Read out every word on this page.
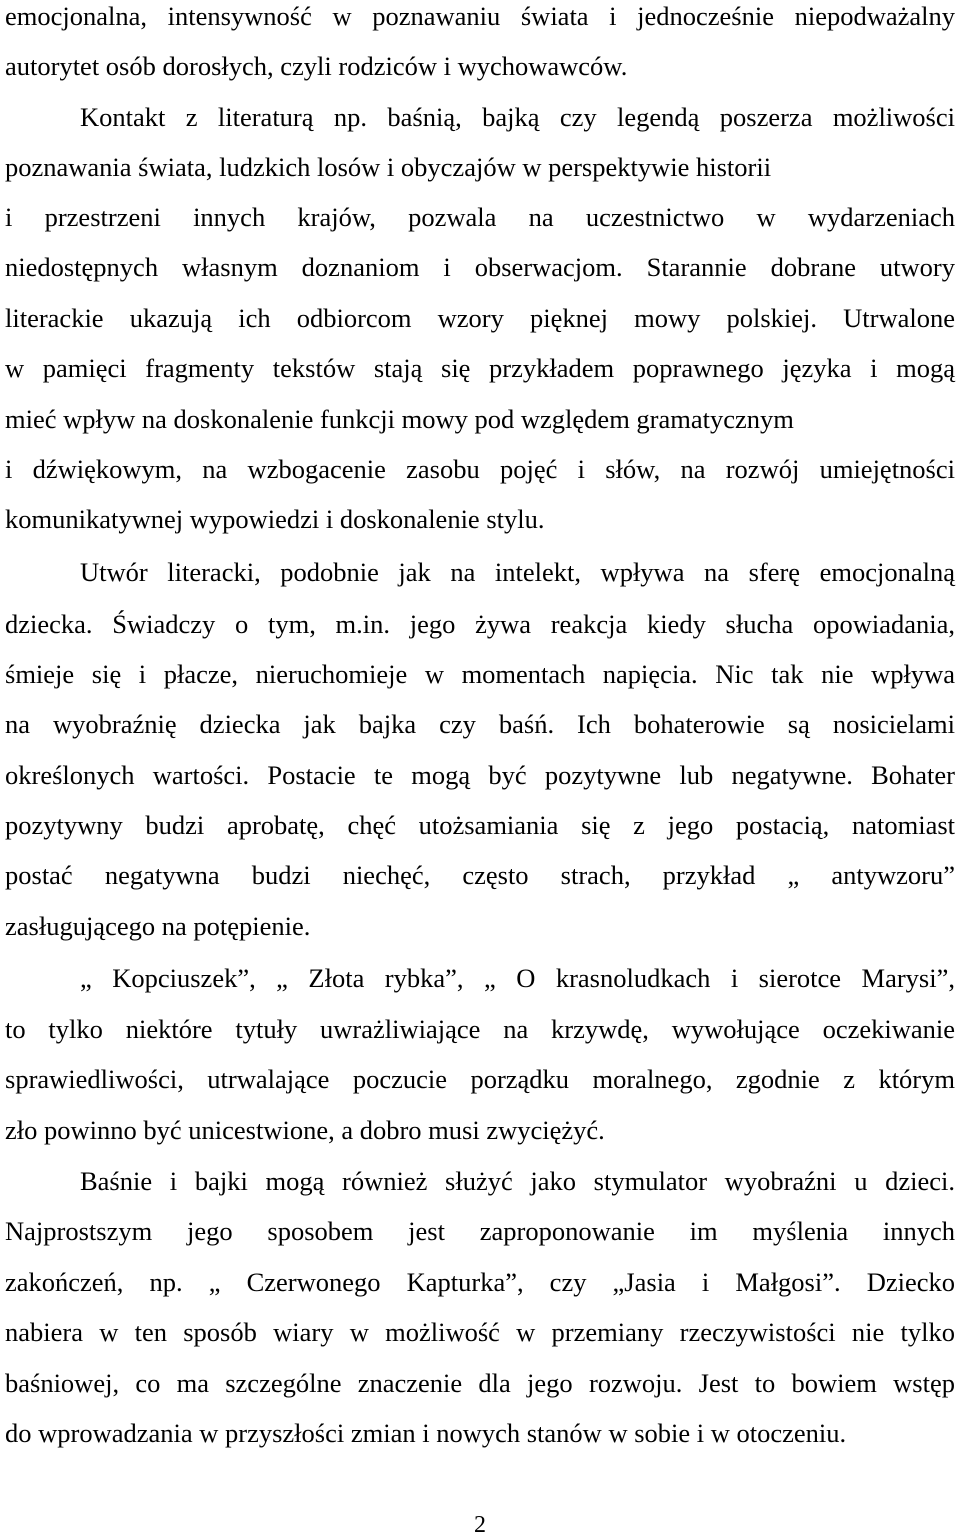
emocjonalna, intensywność w poznawaniu świata i jednocześnie niepodważalny
autorytet osób dorosłych, czyli rodziców i wychowawców.
Kontakt z literaturą np. baśnią, bajką czy legendą poszerza możliwości
poznawania świata, ludzkich losów i obyczajów w perspektywie historii
i przestrzeni innych krajów, pozwala na uczestnictwo w wydarzeniach
niedostępnych własnym doznaniom i obserwacjom. Starannie dobrane utwory
literackie ukazują ich odbiorcom wzory pięknej mowy polskiej. Utrwalone
w pamięci fragmenty tekstów stają się przykładem poprawnego języka i mogą
mieć wpływ na doskonalenie funkcji mowy pod względem gramatycznym
i dźwiękowym, na wzbogacenie zasobu pojęć i słów, na rozwój umiejętności
komunikatywnej wypowiedzi i doskonalenie stylu.
Utwór literacki, podobnie jak na intelekt, wpływa na sferę emocjonalną
dziecka. Świadczy o tym, m.in. jego żywa reakcja kiedy słucha opowiadania,
śmieje się i płacze, nieruchomieje w momentach napięcia. Nic tak nie wpływa
na wyobraźnię dziecka jak bajka czy baśń. Ich bohaterowie są nosicielami
określonych wartości. Postacie te mogą być pozytywne lub negatywne. Bohater
pozytywny budzi aprobatę, chęć utożsamiania się z jego postacią, natomiast
postać negatywna budzi niechęć, często strach, przykład „ antywzoru”
zasługującego na potępienie.
„ Kopciuszek”, „ Złota rybka”, „ O krasnoludkach i sierotce Marysi”,
to tylko niektóre tytuły uwrażliwiające na krzywdę, wywołujące oczekiwanie
sprawiedliwości, utrwalające poczucie porządku moralnego, zgodnie z którym
zło powinno być unicestwione, a dobro musi zwyciężyć.
Baśnie i bajki mogą również służyć jako stymulator wyobraźni u dzieci.
Najprostszym jego sposobem jest zaproponowanie im myślenia innych
zakończeń, np. „ Czerwonego Kapturka”, czy „Jasia i Małgosi”. Dziecko
nabiera w ten sposób wiary w możliwość w przemiany rzeczywistości nie tylko
baśniowej, co ma szczególne znaczenie dla jego rozwoju. Jest to bowiem wstęp
do wprowadzania w przyszłości zmian i nowych stanów w sobie i w otoczeniu.
2
